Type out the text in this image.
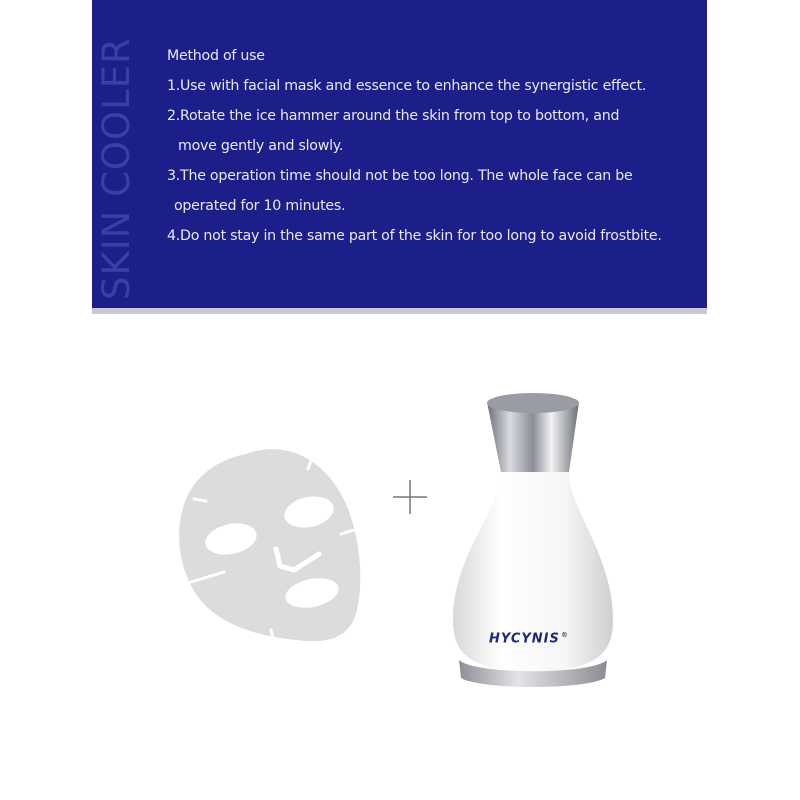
SKIN COOLER Method of use
1.Use with facial mask and essence to enhance the synergistic effect.
2.Rotate the ice hammer around the skin from top to bottom, and
move gently and slowly.
3.The operation time should not be too long. The whole face can be
operated for 10 minutes.
4.Do not stay in the same part of the skin for too long to avoid frostbite.
HYCYNIS®
